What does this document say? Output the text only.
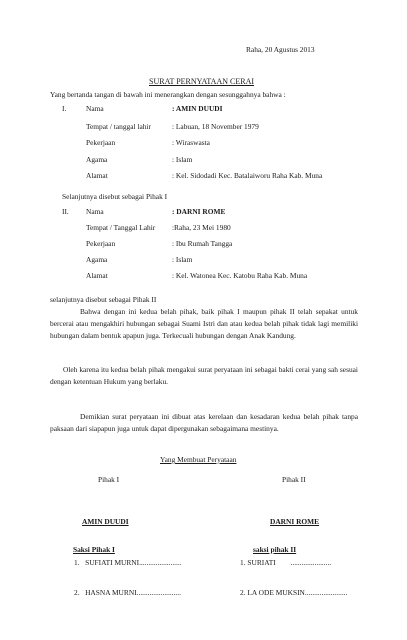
Raha, 20 Agustus 2013
SURAT PERNYATAAN CERAI
Yang bertanda tangan di bawah ini menerangkan dengan sesunggahnya bahwa :
I.	Nama	: AMIN DUUDI
Tempat / tanggal lahir	: Labuan, 18 November 1979
Pekerjaan	: Wiraswasta
Agama	: Islam
Alamat	: Kel. Sidodadi Kec. Batalaiworu Raha Kab. Muna
Selanjutnya disebut sebagai Pihak I
II. Nama	: DARNI ROME
Tempat / Tanggal Lahir :Raha, 23 Mei 1980
Pekerjaan	: Ibu Rumah Tangga
Agama	: Islam
Alamat	: Kel. Watonea Kec. Katobu Raha Kab. Muna
selanjutnya disebut sebagai Pihak II
Bahwa dengan ini kedua belah pihak, baik pihak I maupun pihak II telah sepakat untuk bercerai atau mengakhiri hubungan sebagai Suami Istri dan atau kedua belah pihak tidak lagi memiliki hubungan dalam bentuk apapun juga. Terkecuali hubungan dengan Anak Kandung.
Oleh karena itu kedua belah pihak mengakui surat peryataan ini sebagai bakti cerai yang sah sesuai dengan ketentuan Hukum yang berlaku.
Demikian surat peryataan ini dibuat atas kerelaan dan kesadaran kedua belah pihak tanpa paksaan dari siapapun juga untuk dapat dipergunakan sebagaimana mestinya.
Yang Membuat Peryataan
Pihak I	Pihak II
AMIN DUUDI	DARNI ROME
Saksi Pihak I	saksi pihak II
1.   SUFIATI MURNI.......................	1. SURIATI        ......................
2.   HASNA MURNI........................	2. LA ODE MUKSIN.......................
